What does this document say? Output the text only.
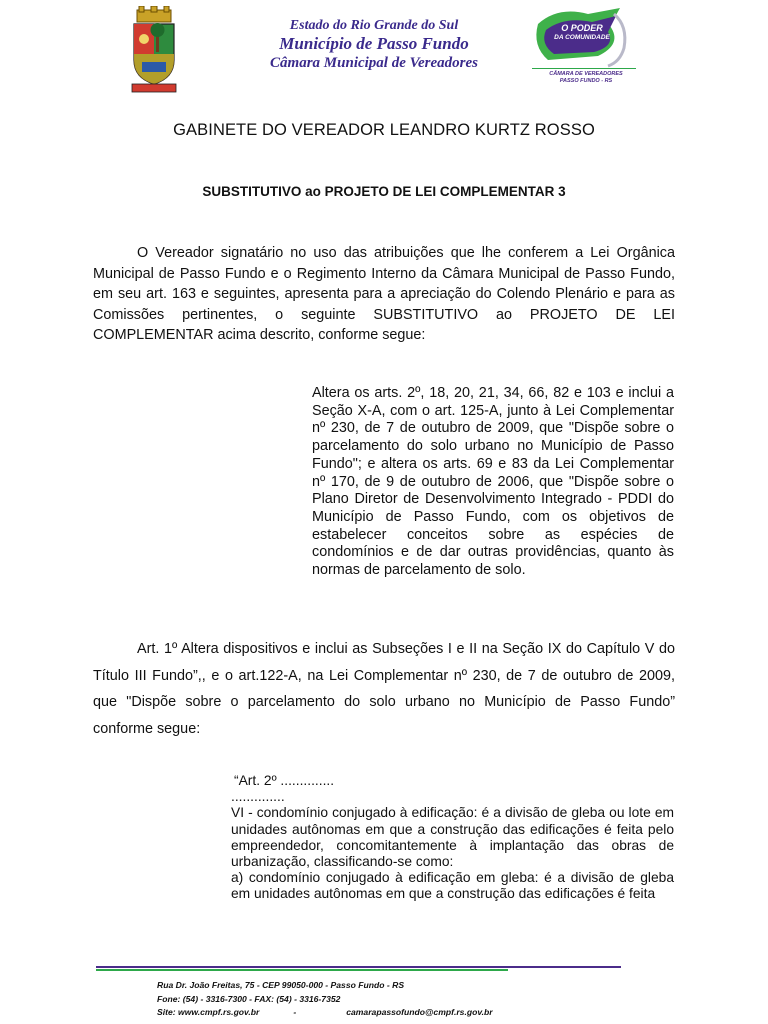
Estado do Rio Grande do Sul
Município de Passo Fundo
Câmara Municipal de Vereadores
O PODER
DA COMUNIDADE
CÂMARA DE VEREADORES
PASSO FUNDO - RS
GABINETE DO VEREADOR LEANDRO KURTZ ROSSO
SUBSTITUTIVO ao PROJETO DE LEI COMPLEMENTAR 3
O Vereador signatário no uso das atribuições que lhe conferem a Lei Orgânica Municipal de Passo Fundo e o Regimento Interno da Câmara Municipal de Passo Fundo, em seu art. 163 e seguintes, apresenta para a apreciação do Colendo Plenário e para as Comissões pertinentes, o seguinte SUBSTITUTIVO ao PROJETO DE LEI COMPLEMENTAR acima descrito, conforme segue:
Altera os arts. 2º, 18, 20, 21, 34, 66, 82 e 103 e inclui a Seção X-A, com o art. 125-A, junto à Lei Complementar nº 230, de 7 de outubro de 2009, que "Dispõe sobre o parcelamento do solo urbano no Município de Passo Fundo"; e altera os arts. 69 e 83 da Lei Complementar nº 170, de 9 de outubro de 2006, que "Dispõe sobre o Plano Diretor de Desenvolvimento Integrado - PDDI do Município de Passo Fundo, com os objetivos de estabelecer conceitos sobre as espécies de condomínios e de dar outras providências, quanto às normas de parcelamento de solo.
Art. 1º Altera dispositivos e inclui as Subseções I e II na Seção IX do Capítulo V do Título III Fundo”,, e o art.122-A, na Lei Complementar nº 230, de 7 de outubro de 2009, que "Dispõe sobre o parcelamento do solo urbano no Município de Passo Fundo” conforme segue:
“Art. 2º ..............
..............
VI - condomínio conjugado à edificação: é a divisão de gleba ou lote em unidades autônomas em que a construção das edificações é feita pelo empreendedor, concomitantemente à implantação das obras de urbanização, classificando-se como:
a) condomínio conjugado à edificação em gleba: é a divisão de gleba em unidades autônomas em que a construção das edificações é feita
Rua Dr. João Freitas, 75 - CEP 99050-000 - Passo Fundo - RS
Fone: (54) - 3316-7300 - FAX: (54) - 3316-7352
Site: www.cmpf.rs.gov.br	-	camarapassofundo@cmpf.rs.gov.br
